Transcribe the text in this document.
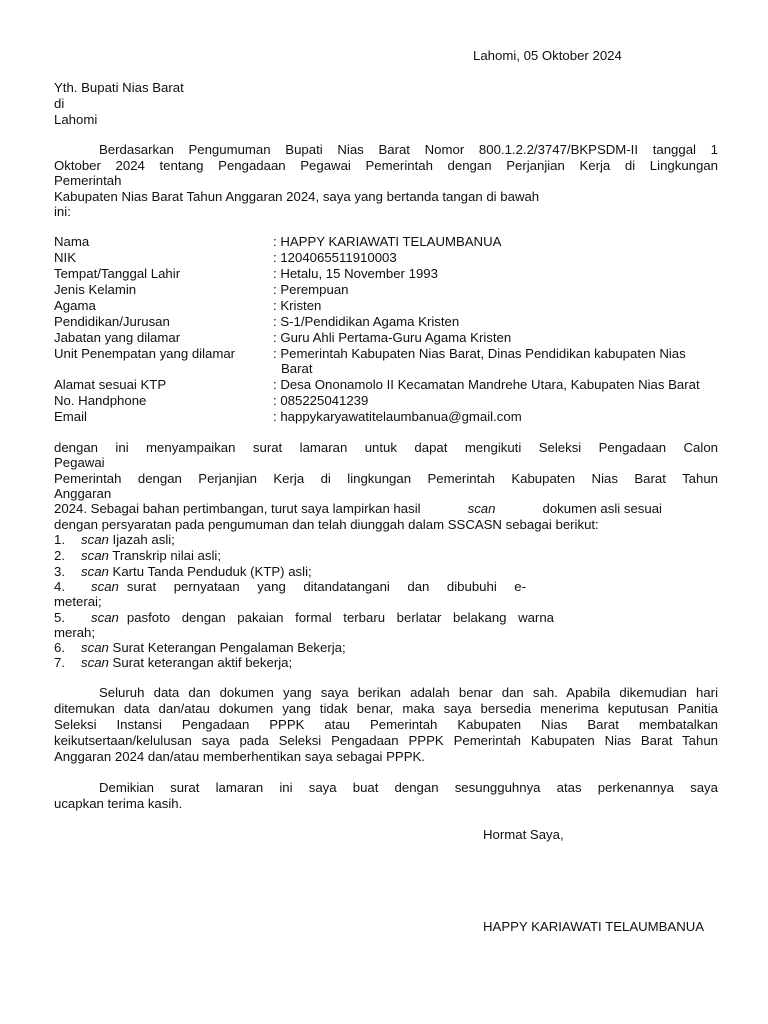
Lahomi, 05 Oktober 2024
Yth. Bupati Nias Barat
di
Lahomi
Berdasarkan Pengumuman Bupati Nias Barat Nomor 800.1.2.2/3747/BKPSDM-II tanggal 1
Oktober 2024 tentang Pengadaan Pegawai Pemerintah dengan Perjanjian Kerja di Lingkungan
Pemerintah
Kabupaten Nias Barat Tahun Anggaran 2024, saya yang bertanda tangan di bawah
ini:
Nama	: HAPPY KARIAWATI TELAUMBANUA
NIK	: 1204065511910003
Tempat/Tanggal Lahir	: Hetalu, 15 November 1993
Jenis Kelamin	: Perempuan
Agama	: Kristen
Pendidikan/Jurusan	: S-1/Pendidikan Agama Kristen
Jabatan yang dilamar	: Guru Ahli Pertama-Guru Agama Kristen
Unit Penempatan yang dilamar	: Pemerintah Kabupaten Nias Barat, Dinas Pendidikan kabupaten Nias
Barat
Alamat sesuai KTP	: Desa Ononamolo II Kecamatan Mandrehe Utara, Kabupaten Nias Barat
No. Handphone	: 085225041239
Email	: happykaryawatitelaumbanua@gmail.com
dengan ini menyampaikan surat lamaran untuk dapat mengikuti Seleksi Pengadaan Calon
Pegawai
Pemerintah dengan Perjanjian Kerja di lingkungan Pemerintah Kabupaten Nias Barat Tahun
Anggaran
2024. Sebagai bahan pertimbangan, turut saya lampirkan hasil	scan	dokumen asli sesuai
dengan persyaratan pada pengumuman dan telah diunggah dalam SSCASN sebagai berikut:
1. scan Ijazah asli;
2. scan Transkrip nilai asli;
3. scan Kartu Tanda Penduduk (KTP) asli;
4. scan surat pernyataan yang ditandatangani dan dibubuhi e-
meterai;
5. scan pasfoto dengan pakaian formal terbaru berlatar belakang warna
merah;
6. scan Surat Keterangan Pengalaman Bekerja;
7. scan Surat keterangan aktif bekerja;
Seluruh data dan dokumen yang saya berikan adalah benar dan sah. Apabila dikemudian hari
ditemukan data dan/atau dokumen yang tidak benar, maka saya bersedia menerima keputusan Panitia
Seleksi Instansi Pengadaan PPPK atau Pemerintah Kabupaten Nias Barat membatalkan
keikutsertaan/kelulusan saya pada Seleksi Pengadaan PPPK Pemerintah Kabupaten Nias Barat Tahun
Anggaran 2024 dan/atau memberhentikan saya sebagai PPPK.
Demikian surat lamaran ini saya buat dengan sesungguhnya atas perkenannya saya
ucapkan terima kasih.
Hormat Saya,
HAPPY KARIAWATI TELAUMBANUA
